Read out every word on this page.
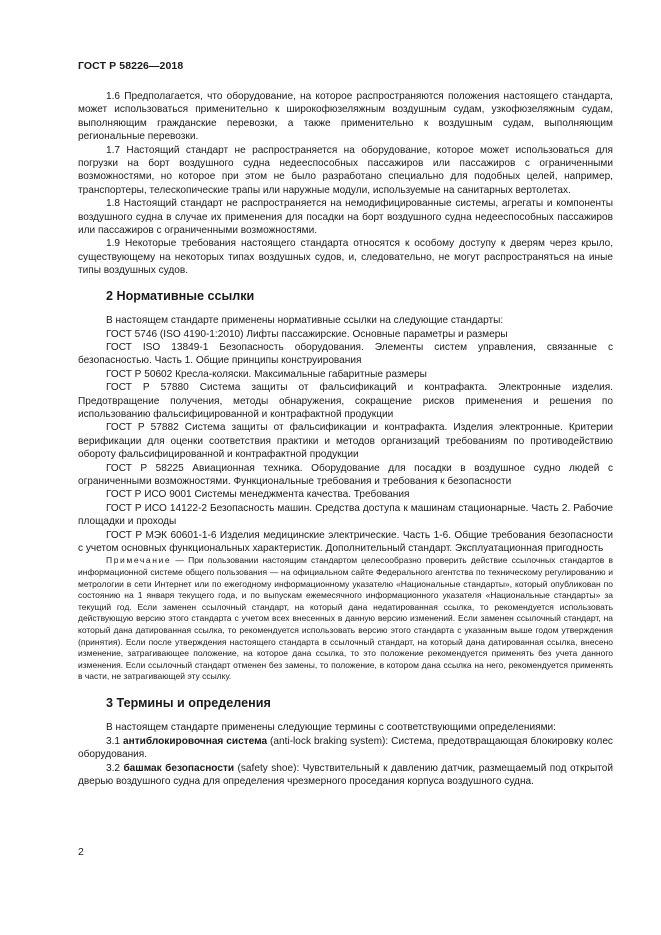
ГОСТ Р 58226—2018

1.6 Предполагается, что оборудование, на которое распространяются положения настоящего стандарта, может использоваться применительно к широкофюзеляжным воздушным судам, узкофюзеляжным судам, выполняющим гражданские перевозки, а также применительно к воздушным судам, выполняющим региональные перевозки.

1.7 Настоящий стандарт не распространяется на оборудование, которое может использоваться для погрузки на борт воздушного судна недееспособных пассажиров или пассажиров с ограниченными возможностями, но которое при этом не было разработано специально для подобных целей, например, транспортеры, телескопические трапы или наружные модули, используемые на санитарных вертолетах.

1.8 Настоящий стандарт не распространяется на немодифицированные системы, агрегаты и компоненты воздушного судна в случае их применения для посадки на борт воздушного судна недееспособных пассажиров или пассажиров с ограниченными возможностями.

1.9 Некоторые требования настоящего стандарта относятся к особому доступу к дверям через крыло, существующему на некоторых типах воздушных судов, и, следовательно, не могут распространяться на иные типы воздушных судов.

2 Нормативные ссылки

В настоящем стандарте применены нормативные ссылки на следующие стандарты:

ГОСТ 5746 (ISO 4190-1:2010) Лифты пассажирские. Основные параметры и размеры

ГОСТ ISO 13849-1 Безопасность оборудования. Элементы систем управления, связанные с безопасностью. Часть 1. Общие принципы конструирования

ГОСТ Р 50602 Кресла-коляски. Максимальные габаритные размеры

ГОСТ Р 57880 Система защиты от фальсификаций и контрафакта. Электронные изделия. Предотвращение получения, методы обнаружения, сокращение рисков применения и решения по использованию фальсифицированной и контрафактной продукции

ГОСТ Р 57882 Система защиты от фальсификации и контрафакта. Изделия электронные. Критерии верификации для оценки соответствия практики и методов организаций требованиям по противодействию обороту фальсифицированной и контрафактной продукции

ГОСТ Р 58225 Авиационная техника. Оборудование для посадки в воздушное судно людей с ограниченными возможностями. Функциональные требования и требования к безопасности

ГОСТ Р ИСО 9001 Системы менеджмента качества. Требования

ГОСТ Р ИСО 14122-2 Безопасность машин. Средства доступа к машинам стационарные. Часть 2. Рабочие площадки и проходы

ГОСТ Р МЭК 60601-1-6 Изделия медицинские электрические. Часть 1-6. Общие требования безопасности с учетом основных функциональных характеристик. Дополнительный стандарт. Эксплуатационная пригодность

Примечание — При пользовании настоящим стандартом целесообразно проверить действие ссылочных стандартов в информационной системе общего пользования — на официальном сайте Федерального агентства по техническому регулированию и метрологии в сети Интернет или по ежегодному информационному указателю «Национальные стандарты», который опубликован по состоянию на 1 января текущего года, и по выпускам ежемесячного информационного указателя «Национальные стандарты» за текущий год. Если заменен ссылочный стандарт, на который дана недатированная ссылка, то рекомендуется использовать действующую версию этого стандарта с учетом всех внесенных в данную версию изменений. Если заменен ссылочный стандарт, на который дана датированная ссылка, то рекомендуется использовать версию этого стандарта с указанным выше годом утверждения (принятия). Если после утверждения настоящего стандарта в ссылочный стандарт, на который дана датированная ссылка, внесено изменение, затрагивающее положение, на которое дана ссылка, то это положение рекомендуется применять без учета данного изменения. Если ссылочный стандарт отменен без замены, то положение, в котором дана ссылка на него, рекомендуется применять в части, не затрагивающей эту ссылку.

3 Термины и определения

В настоящем стандарте применены следующие термины с соответствующими определениями:

3.1 антиблокировочная система (anti-lock braking system): Система, предотвращающая блокировку колес оборудования.

3.2 башмак безопасности (safety shoe): Чувствительный к давлению датчик, размещаемый под открытой дверью воздушного судна для определения чрезмерного проседания корпуса воздушного судна.

2
